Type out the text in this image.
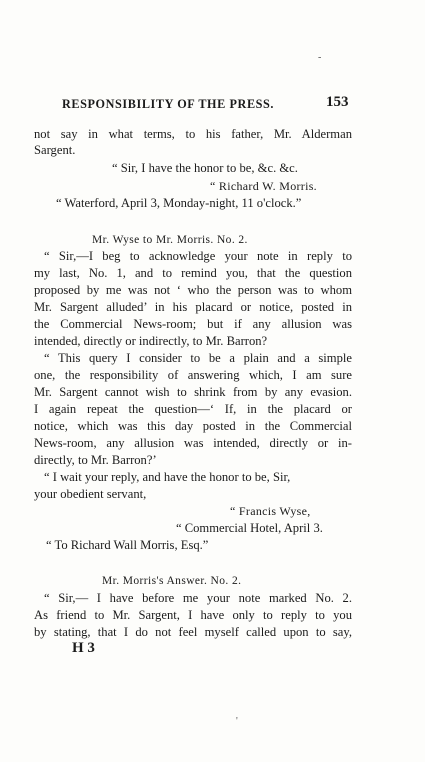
-
RESPONSIBILITY OF THE PRESS.	153
not say in what terms, to his father, Mr. Alderman
Sargent.
“ Sir, I have the honor to be, &c. &c.
“ Richard W. Morris.
“ Waterford, April 3, Monday-night, 11 o'clock.”
Mr. Wyse to Mr. Morris. No. 2.
“ Sir,—I beg to acknowledge your note in reply to
my last, No. 1, and to remind you, that the question
proposed by me was not ‘ who the person was to whom
Mr. Sargent alluded’ in his placard or notice, posted in
the Commercial News-room; but if any allusion was
intended, directly or indirectly, to Mr. Barron?
“ This query I consider to be a plain and a simple
one, the responsibility of answering which, I am sure
Mr. Sargent cannot wish to shrink from by any evasion.
I again repeat the question—‘ If, in the placard or
notice, which was this day posted in the Commercial
News-room, any allusion was intended, directly or in-
directly, to Mr. Barron?’
“ I wait your reply, and have the honor to be, Sir,
your obedient servant,
“ Francis Wyse,
“ Commercial Hotel, April 3.
“ To Richard Wall Morris, Esq.”
Mr. Morris's Answer. No. 2.
“ Sir,— I have before me your note marked No. 2.
As friend to Mr. Sargent, I have only to reply to you
by stating, that I do not feel myself called upon to say,
H 3
'
